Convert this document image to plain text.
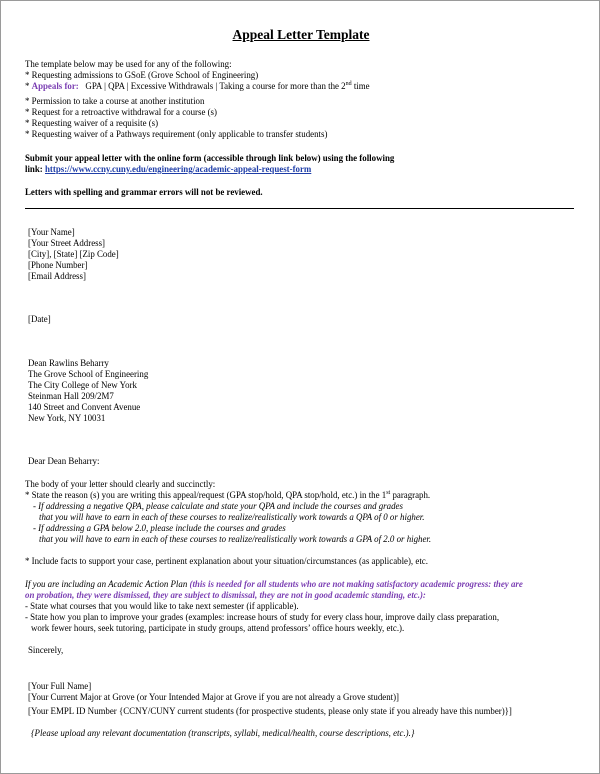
Appeal Letter Template
The template below may be used for any of the following:
* Requesting admissions to GSoE (Grove School of Engineering)
* Appeals for: GPA | QPA | Excessive Withdrawals | Taking a course for more than the 2nd time
* Permission to take a course at another institution
* Request for a retroactive withdrawal for a course (s)
* Requesting waiver of a requisite (s)
* Requesting waiver of a Pathways requirement (only applicable to transfer students)
Submit your appeal letter with the online form (accessible through link below) using the following
link: https://www.ccny.cuny.edu/engineering/academic-appeal-request-form
Letters with spelling and grammar errors will not be reviewed.
[Your Name]
[Your Street Address]
[City], [State] [Zip Code]
[Phone Number]
[Email Address]
[Date]
Dean Rawlins Beharry
The Grove School of Engineering
The City College of New York
Steinman Hall 209/2M7
140 Street and Convent Avenue
New York, NY 10031
Dear Dean Beharry:
The body of your letter should clearly and succinctly:
* State the reason (s) you are writing this appeal/request (GPA stop/hold, QPA stop/hold, etc.) in the 1st paragraph.
- If addressing a negative QPA, please calculate and state your QPA and include the courses and grades
that you will have to earn in each of these courses to realize/realistically work towards a QPA of 0 or higher.
- If addressing a GPA below 2.0, please include the courses and grades
that you will have to earn in each of these courses to realize/realistically work towards a GPA of 2.0 or higher.
* Include facts to support your case, pertinent explanation about your situation/circumstances (as applicable), etc.
If you are including an Academic Action Plan (this is needed for all students who are not making satisfactory academic progress: they are
on probation, they were dismissed, they are subject to dismissal, they are not in good academic standing, etc.):
- State what courses that you would like to take next semester (if applicable).
- State how you plan to improve your grades (examples: increase hours of study for every class hour, improve daily class preparation,
work fewer hours, seek tutoring, participate in study groups, attend professors’ office hours weekly, etc.).
Sincerely,
[Your Full Name]
[Your Current Major at Grove (or Your Intended Major at Grove if you are not already a Grove student)]
[Your EMPL ID Number {CCNY/CUNY current students (for prospective students, please only state if you already have this number)}]
{Please upload any relevant documentation (transcripts, syllabi, medical/health, course descriptions, etc.).}
